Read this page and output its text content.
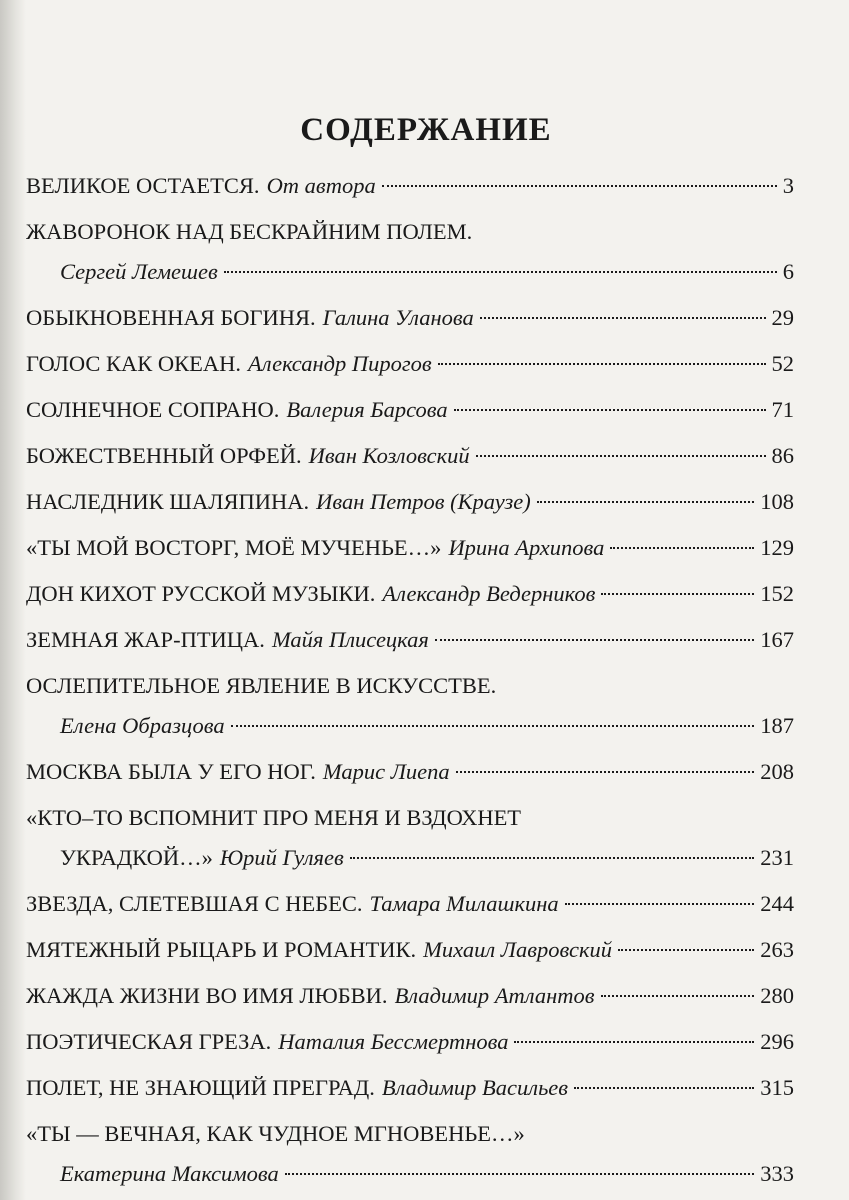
СОДЕРЖАНИЕ
ВЕЛИКОЕ ОСТАЕТСЯ. От автора	3
ЖАВОРОНОК НАД БЕСКРАЙНИМ ПОЛЕМ.
Сергей Лемешев	6
ОБЫКНОВЕННАЯ БОГИНЯ. Галина Уланова	29
ГОЛОС КАК ОКЕАН. Александр Пирогов	52
СОЛНЕЧНОЕ СОПРАНО. Валерия Барсова	71
БОЖЕСТВЕННЫЙ ОРФЕЙ. Иван Козловский	86
НАСЛЕДНИК ШАЛЯПИНА. Иван Петров (Краузе)	108
«ТЫ МОЙ ВОСТОРГ, МОЁ МУЧЕНЬЕ…» Ирина Архипова	129
ДОН КИХОТ РУССКОЙ МУЗЫКИ. Александр Ведерников	152
ЗЕМНАЯ ЖАР-ПТИЦА. Майя Плисецкая	167
ОСЛЕПИТЕЛЬНОЕ ЯВЛЕНИЕ В ИСКУССТВЕ.
Елена Образцова	187
МОСКВА БЫЛА У ЕГО НОГ. Марис Лиепа	208
«КТО–ТО ВСПОМНИТ ПРО МЕНЯ И ВЗДОХНЕТ
УКРАДКОЙ…» Юрий Гуляев	231
ЗВЕЗДА, СЛЕТЕВШАЯ С НЕБЕС. Тамара Милашкина	244
МЯТЕЖНЫЙ РЫЦАРЬ И РОМАНТИК. Михаил Лавровский	263
ЖАЖДА ЖИЗНИ ВО ИМЯ ЛЮБВИ. Владимир Атлантов	280
ПОЭТИЧЕСКАЯ ГРЕЗА. Наталия Бессмертнова	296
ПОЛЕТ, НЕ ЗНАЮЩИЙ ПРЕГРАД. Владимир Васильев	315
«ТЫ — ВЕЧНАЯ, КАК ЧУДНОЕ МГНОВЕНЬЕ…»
Екатерина Максимова	333
